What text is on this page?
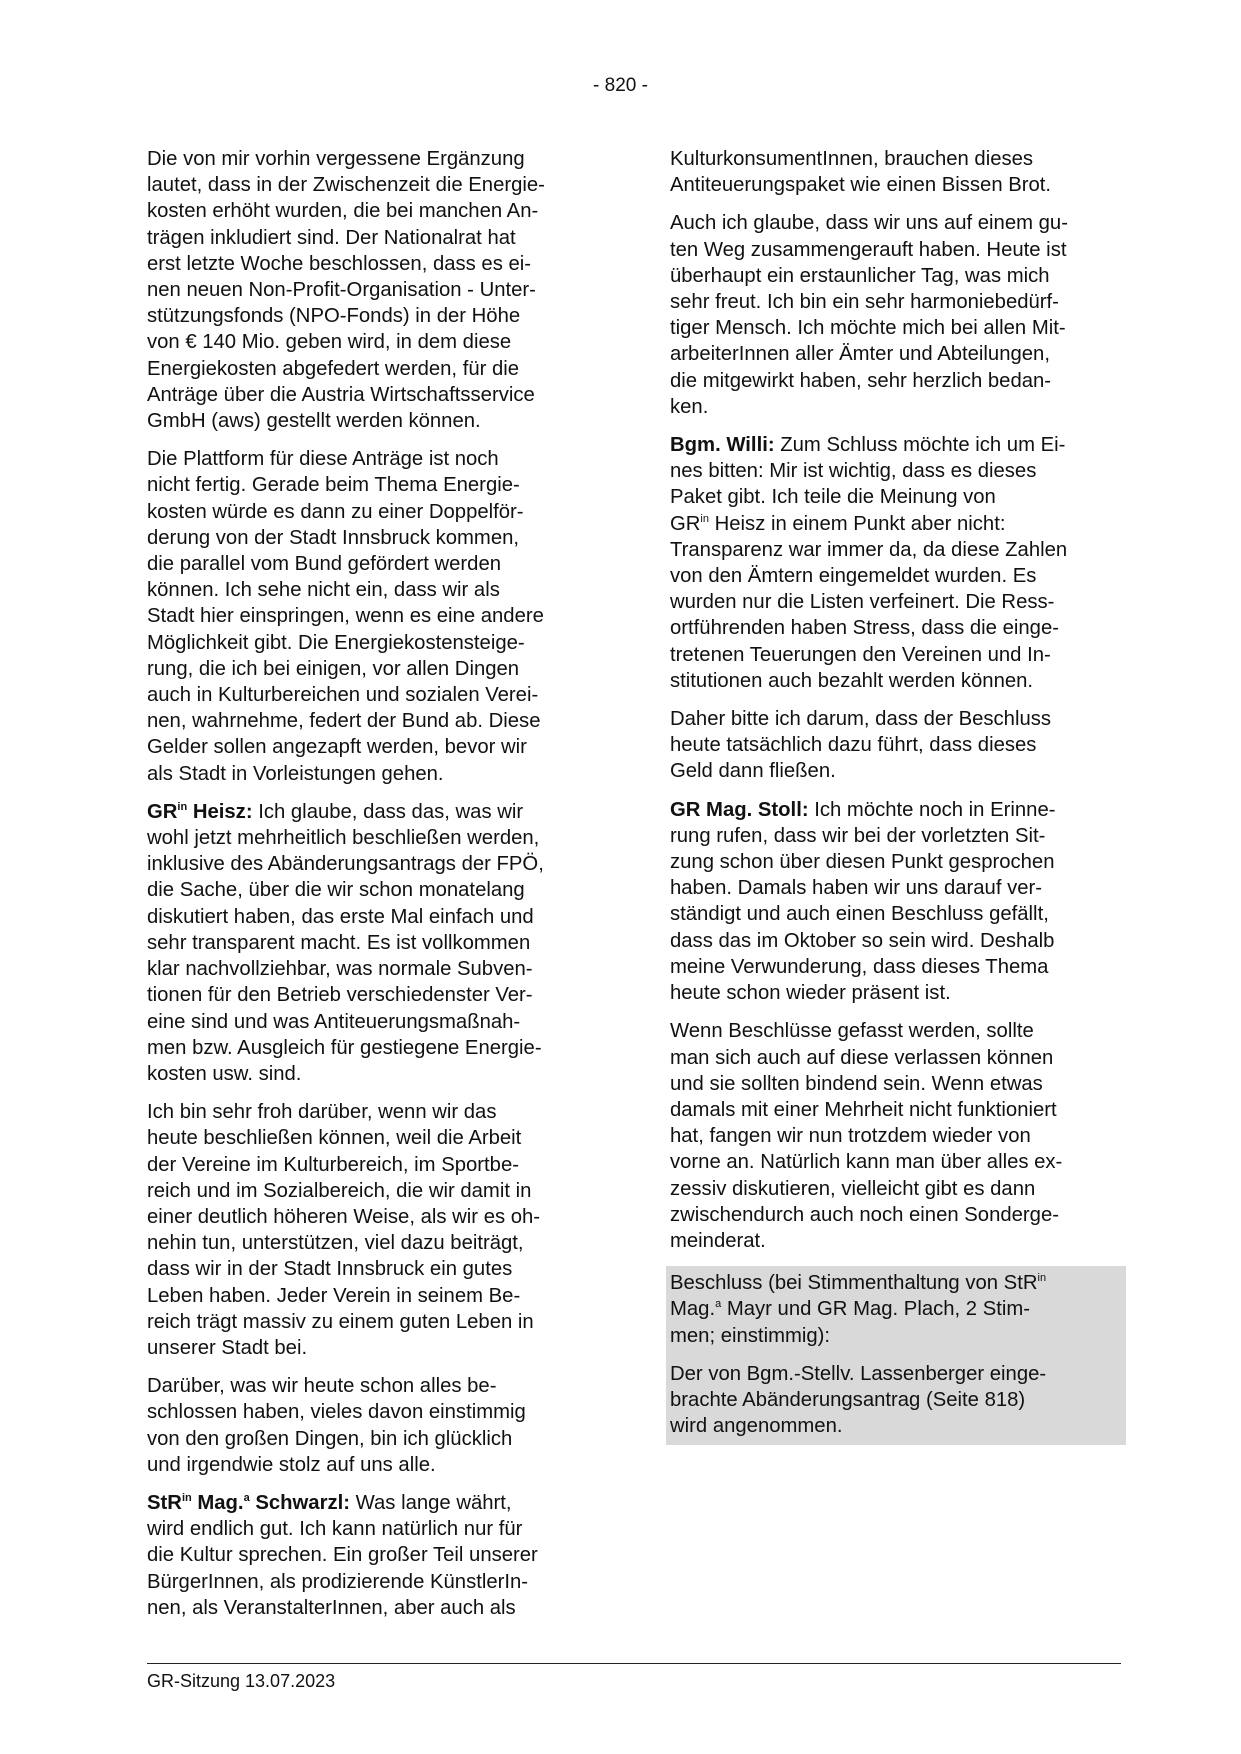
- 820 -
Die von mir vorhin vergessene Ergänzung
lautet, dass in der Zwischenzeit die Energie-
kosten erhöht wurden, die bei manchen An-
trägen inkludiert sind. Der Nationalrat hat
erst letzte Woche beschlossen, dass es ei-
nen neuen Non-Profit-Organisation - Unter-
stützungsfonds (NPO-Fonds) in der Höhe
von € 140 Mio. geben wird, in dem diese
Energiekosten abgefedert werden, für die
Anträge über die Austria Wirtschaftsservice
GmbH (aws) gestellt werden können.
Die Plattform für diese Anträge ist noch
nicht fertig. Gerade beim Thema Energie-
kosten würde es dann zu einer Doppelför-
derung von der Stadt Innsbruck kommen,
die parallel vom Bund gefördert werden
können. Ich sehe nicht ein, dass wir als
Stadt hier einspringen, wenn es eine andere
Möglichkeit gibt. Die Energiekostensteige-
rung, die ich bei einigen, vor allen Dingen
auch in Kulturbereichen und sozialen Verei-
nen, wahrnehme, federt der Bund ab. Diese
Gelder sollen angezapft werden, bevor wir
als Stadt in Vorleistungen gehen.
$GR^{in}$ Heisz: Ich glaube, dass das, was wir
wohl jetzt mehrheitlich beschließen werden,
inklusive des Abänderungsantrags der FPÖ,
die Sache, über die wir schon monatelang
diskutiert haben, das erste Mal einfach und
sehr transparent macht. Es ist vollkommen
klar nachvollziehbar, was normale Subven-
tionen für den Betrieb verschiedenster Ver-
eine sind und was Antiteuerungsmaßnah-
men bzw. Ausgleich für gestiegene Energie-
kosten usw. sind.
Ich bin sehr froh darüber, wenn wir das
heute beschließen können, weil die Arbeit
der Vereine im Kulturbereich, im Sportbe-
reich und im Sozialbereich, die wir damit in
einer deutlich höheren Weise, als wir es oh-
nehin tun, unterstützen, viel dazu beiträgt,
dass wir in der Stadt Innsbruck ein gutes
Leben haben. Jeder Verein in seinem Be-
reich trägt massiv zu einem guten Leben in
unserer Stadt bei.
Darüber, was wir heute schon alles be-
schlossen haben, vieles davon einstimmig
von den großen Dingen, bin ich glücklich
und irgendwie stolz auf uns alle.
StR$^{in}$ Mag.$^a$ Schwarzl: Was lange währt,
wird endlich gut. Ich kann natürlich nur für
die Kultur sprechen. Ein großer Teil unserer
BürgerInnen, als prodizierende KünstlerIn-
nen, als VeranstalterInnen, aber auch als
KulturkonsumentInnen, brauchen dieses
Antiteuerungspaket wie einen Bissen Brot.
Auch ich glaube, dass wir uns auf einem gu-
ten Weg zusammengerauft haben. Heute ist
überhaupt ein erstaunlicher Tag, was mich
sehr freut. Ich bin ein sehr harmoniebedürf-
tiger Mensch. Ich möchte mich bei allen Mit-
arbeiterInnen aller Ämter und Abteilungen,
die mitgewirkt haben, sehr herzlich bedan-
ken.
Bgm. Willi: Zum Schluss möchte ich um Ei-
nes bitten: Mir ist wichtig, dass es dieses
Paket gibt. Ich teile die Meinung von
$GR^{in}$ Heisz in einem Punkt aber nicht:
Transparenz war immer da, da diese Zahlen
von den Ämtern eingemeldet wurden. Es
wurden nur die Listen verfeinert. Die Ress-
ortführenden haben Stress, dass die einge-
tretenen Teuerungen den Vereinen und In-
stitutionen auch bezahlt werden können.
Daher bitte ich darum, dass der Beschluss
heute tatsächlich dazu führt, dass dieses
Geld dann fließen.
GR Mag. Stoll: Ich möchte noch in Erinne-
rung rufen, dass wir bei der vorletzten Sit-
zung schon über diesen Punkt gesprochen
haben. Damals haben wir uns darauf ver-
ständigt und auch einen Beschluss gefällt,
dass das im Oktober so sein wird. Deshalb
meine Verwunderung, dass dieses Thema
heute schon wieder präsent ist.
Wenn Beschlüsse gefasst werden, sollte
man sich auch auf diese verlassen können
und sie sollten bindend sein. Wenn etwas
damals mit einer Mehrheit nicht funktioniert
hat, fangen wir nun trotzdem wieder von
vorne an. Natürlich kann man über alles ex-
zessiv diskutieren, vielleicht gibt es dann
zwischendurch auch noch einen Sonderge-
meinderat.
Beschluss (bei Stimmenthaltung von StR$^{in}$
Mag.$^a$ Mayr und GR Mag. Plach, 2 Stim-
men; einstimmig):
Der von Bgm.-Stellv. Lassenberger einge-
brachte Abänderungsantrag (Seite 818)
wird angenommen.
GR-Sitzung 13.07.2023
